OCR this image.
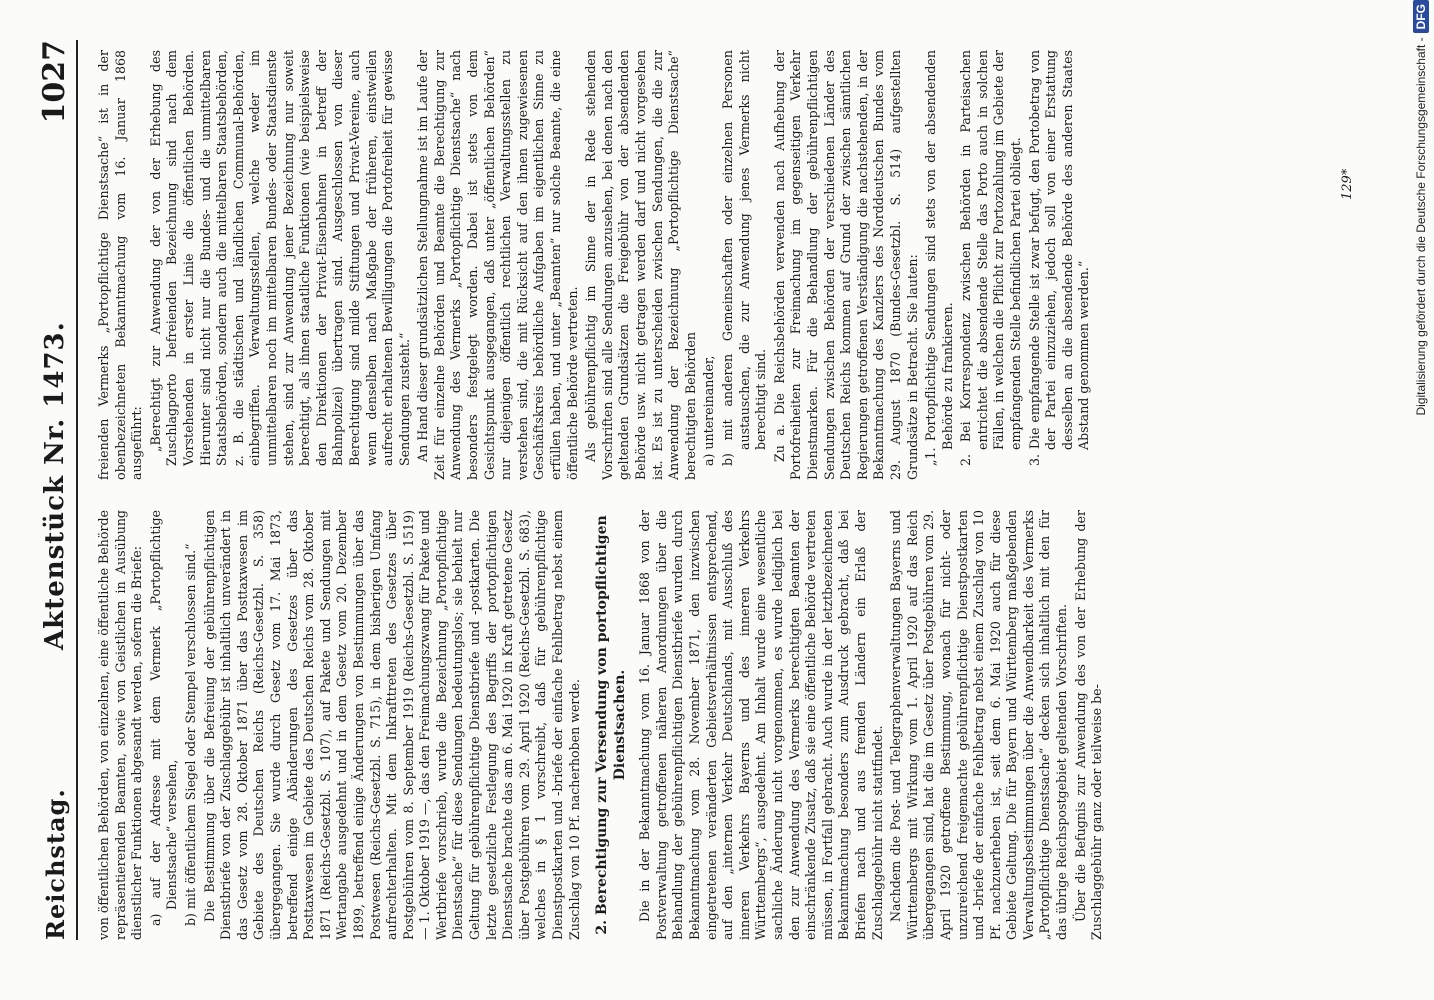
Reichstag.
Aktenstück Nr. 1473.
1027

von öffentlichen Behörden, von einzelnen, eine öffentliche Behörde repräsentierenden Beamten, sowie von Geistlichen in Ausübung dienstlicher Funktionen abgesandt werden, sofern die Briefe: a) auf der Adresse mit dem Vermerk „Portopflichtige Dienstsache“ versehen, b) mit öffentlichem Siegel oder Stempel verschlossen sind.“ Die Bestimmung über die Befreiung der gebührenpflichtigen Dienstbriefe von der Zuschlaggebühr ist inhaltlich unverändert in das Gesetz vom 28. Oktober 1871 über das Posttaxwesen im Gebiete des Deutschen Reichs (Reichs-Gesetzbl. S. 358) übergegangen. Sie wurde durch Gesetz vom 17. Mai 1873, betreffend einige Abänderungen des Gesetzes über das Posttaxwesen im Gebiete des Deutschen Reichs vom 28. Oktober 1871 (Reichs-Gesetzbl. S. 107), auf Pakete und Sendungen mit Wertangabe ausgedehnt und in dem Gesetz vom 20. Dezember 1899, betreffend einige Änderungen von Bestimmungen über das Postwesen (Reichs-Gesetzbl. S. 715), in dem bisherigen Umfang aufrechterhalten. Mit dem Inkrafttreten des Gesetzes über Postgebühren vom 8. September 1919 (Reichs-Gesetzbl. S. 1519) — 1. Oktober 1919 —, das den Freimachungszwang für Pakete und Wertbriefe vorschrieb, wurde die Bezeichnung „Portopflichtige Dienstsache“ für diese Sendungen bedeutungslos; sie behielt nur Geltung für gebührenpflichtige Dienstbriefe und -postkarten. Die letzte gesetzliche Festlegung des Begriffs der portopflichtigen Dienstsache brachte das am 6. Mai 1920 in Kraft getretene Gesetz über Postgebühren vom 29. April 1920 (Reichs-Gesetzbl. S. 683), welches in § 1 vorschreibt, daß für gebührenpflichtige Dienstpostkarten und -briefe der einfache Fehlbetrag nebst einem Zuschlag von 10 Pf. nacherhoben werde. 2. Berechtigung zur Versendung von portopflichtigen Dienstsachen. Die in der Bekanntmachung vom 16. Januar 1868 von der Postverwaltung getroffenen näheren Anordnungen über die Behandlung der gebührenpflichtigen Dienstbriefe wurden durch Bekanntmachung vom 28. November 1871, den inzwischen eingetretenen veränderten Gebietsverhältnissen entsprechend, auf den „internen Verkehr Deutschlands, mit Ausschluß des inneren Verkehrs Bayerns und des inneren Verkehrs Württembergs“, ausgedehnt. Am Inhalt wurde eine wesentliche sachliche Änderung nicht vorgenommen, es wurde lediglich bei den zur Anwendung des Vermerks berechtigten Beamten der einschränkende Zusatz, daß sie eine öffentliche Behörde vertreten müssen, in Fortfall gebracht. Auch wurde in der letztbezeichneten Bekanntmachung besonders zum Ausdruck gebracht, daß bei Briefen nach und aus fremden Ländern ein Erlaß der Zuschlaggebühr nicht stattfindet. Nachdem die Post- und Telegraphenverwaltungen Bayerns und Württembergs mit Wirkung vom 1. April 1920 auf das Reich übergegangen sind, hat die im Gesetz über Postgebühren vom 29. April 1920 getroffene Bestimmung, wonach für nicht- oder unzureichend freigemachte gebührenpflichtige Dienstpostkarten und -briefe der einfache Fehlbetrag nebst einem Zuschlag von 10 Pf. nachzuerheben ist, seit dem 6. Mai 1920 auch für diese Gebiete Geltung. Die für Bayern und Württemberg maßgebenden Verwaltungsbestimmungen über die Anwendbarkeit des Vermerks „Portopflichtige Dienstsache“ decken sich inhaltlich mit den für das übrige Reichspostgebiet geltenden Vorschriften. Über die Befugnis zur Anwendung des von der Erhebung der Zuschlaggebühr ganz oder teilweise be-

freienden Vermerks „Portopflichtige Dienstsache“ ist in der obenbezeichneten Bekanntmachung vom 16. Januar 1868 ausgeführt: „Berechtigt zur Anwendung der von der Erhebung des Zuschlagporto befreienden Bezeichnung sind nach dem Vorstehenden in erster Linie die öffentlichen Behörden. Hierunter sind nicht nur die Bundes- und die unmittelbaren Staatsbehörden, sondern auch die mittelbaren Staatsbehörden, z. B. die städtischen und ländlichen Communal-Behörden, einbegriffen. Verwaltungsstellen, welche weder im unmittelbaren noch im mittelbaren Bundes- oder Staatsdienste stehen, sind zur Anwendung jener Bezeichnung nur soweit berechtigt, als ihnen staatliche Funktionen (wie beispielsweise den Direktionen der Privat-Eisenbahnen in betreff der Bahnpolizei) übertragen sind. Ausgeschlossen von dieser Berechtigung sind milde Stiftungen und Privat-Vereine, auch wenn denselben nach Maßgabe der früheren, einstweilen aufrecht erhaltenen Bewilligungen die Portofreiheit für gewisse Sendungen zusteht.“ An Hand dieser grundsätzlichen Stellungnahme ist im Laufe der Zeit für einzelne Behörden und Beamte die Berechtigung zur Anwendung des Vermerks „Portopflichtige Dienstsache“ nach besonders festgelegt worden. Dabei ist stets von dem Gesichtspunkt ausgegangen, daß unter „öffentlichen Behörden“ nur diejenigen öffentlich rechtlichen Verwaltungsstellen zu verstehen sind, die mit Rücksicht auf den ihnen zugewiesenen Geschäftskreis behördliche Aufgaben im eigentlichen Sinne zu erfüllen haben, und unter „Beamten“ nur solche Beamte, die eine öffentliche Behörde vertreten. Als gebührenpflichtig im Sinne der in Rede stehenden Vorschriften sind alle Sendungen anzusehen, bei denen nach den geltenden Grundsätzen die Freigebühr von der absendenden Behörde usw. nicht getragen werden darf und nicht vorgesehen ist. Es ist zu unterscheiden zwischen Sendungen, die die zur Anwendung der Bezeichnung „Portopflichtige Dienstsache“ berechtigten Behörden a) untereinander, b) mit anderen Gemeinschaften oder einzelnen Personen austauschen, die zur Anwendung jenes Vermerks nicht berechtigt sind. Zu a. Die Reichsbehörden verwenden nach Aufhebung der Portofreiheiten zur Freimachung im gegenseitigen Verkehr Dienstmarken. Für die Behandlung der gebührenpflichtigen Sendungen zwischen Behörden der verschiedenen Länder des Deutschen Reichs kommen auf Grund der zwischen sämtlichen Regierungen getroffenen Verständigung die nachstehenden, in der Bekanntmachung des Kanzlers des Norddeutschen Bundes vom 29. August 1870 (Bundes-Gesetzbl. S. 514) aufgestellten Grundsätze in Betracht. Sie lauten: „1. Portopflichtige Sendungen sind stets von der absendenden Behörde zu frankieren. 2. Bei Korrespondenz zwischen Behörden in Parteisachen entrichtet die absendende Stelle das Porto auch in solchen Fällen, in welchen die Pflicht zur Portozahlung im Gebiete der empfangenden Stelle befindlichen Partei obliegt. 3. Die empfangende Stelle ist zwar befugt, den Portobetrag von der Partei einzuziehen, jedoch soll von einer Erstattung desselben an die absendende Behörde des anderen Staates Abstand genommen werden.“

129*	Digitalisierung gefördert durch die Deutsche Forschungsgemeinschaft -DFG
